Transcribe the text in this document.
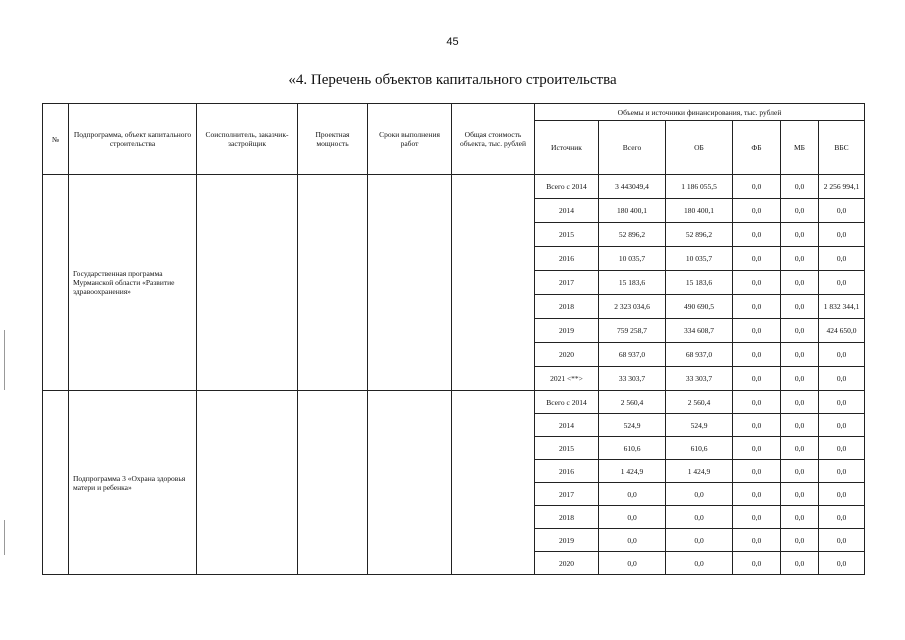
45
«4. Перечень объектов капитального строительства
№	Подпрограмма, объект капитального строительства	Соисполнитель, заказчик-застройщик	Проектная мощность	Сроки выполнения работ	Общая стоимость объекта, тыс. рублей	Объемы и источники финансирования, тыс. рублей					
						Источник	Всего	ОБ	ФБ	МБ	ВБС
	Государственная программа Мурманской области «Развитие здравоохранения»					Всего с 2014	3 443049,4	1 186 055,5	0,0	0,0	2 256 994,1
						2014	180 400,1	180 400,1	0,0	0,0	0,0
						2015	52 896,2	52 896,2	0,0	0,0	0,0
						2016	10 035,7	10 035,7	0,0	0,0	0,0
						2017	15 183,6	15 183,6	0,0	0,0	0,0
						2018	2 323 034,6	490 690,5	0,0	0,0	1 832 344,1
						2019	759 258,7	334 608,7	0,0	0,0	424 650,0
						2020	68 937,0	68 937,0	0,0	0,0	0,0
						2021 <**>	33 303,7	33 303,7	0,0	0,0	0,0
	Подпрограмма 3 «Охрана здоровья матери и ребенка»					Всего с 2014	2 560,4	2 560,4	0,0	0,0	0,0
						2014	524,9	524,9	0,0	0,0	0,0
						2015	610,6	610,6	0,0	0,0	0,0
						2016	1 424,9	1 424,9	0,0	0,0	0,0
						2017	0,0	0,0	0,0	0,0	0,0
						2018	0,0	0,0	0,0	0,0	0,0
						2019	0,0	0,0	0,0	0,0	0,0
						2020	0,0	0,0	0,0	0,0	0,0
